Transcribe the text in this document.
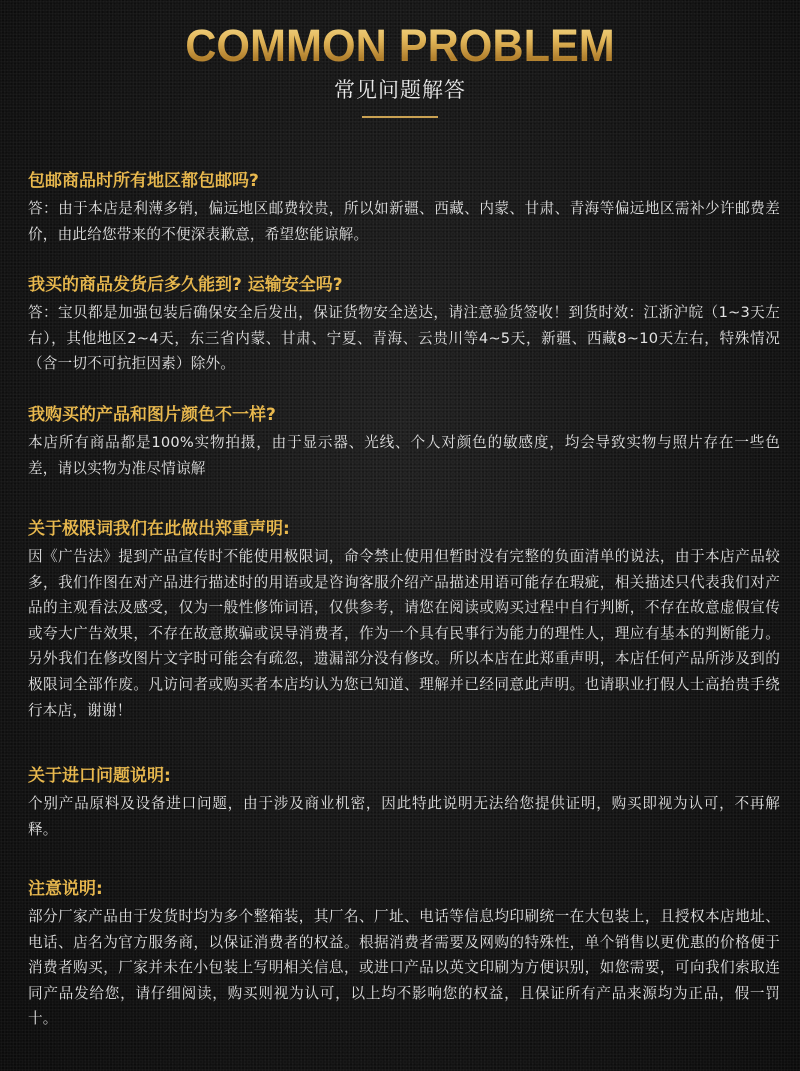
COMMON PROBLEM
常见问题解答
包邮商品时所有地区都包邮吗?
答：由于本店是利薄多销，偏远地区邮费较贵，所以如新疆、西藏、内蒙、甘肃、青海等偏远地区需补少许邮费差价，由此给您带来的不便深表歉意，希望您能谅解。
我买的商品发货后多久能到? 运输安全吗?
答：宝贝都是加强包装后确保安全后发出，保证货物安全送达，请注意验货签收！到货时效：江浙沪皖（1~3天左右），其他地区2~4天，东三省内蒙、甘肃、宁夏、青海、云贵川等4~5天，新疆、西藏8~10天左右，特殊情况（含一切不可抗拒因素）除外。
我购买的产品和图片颜色不一样?
本店所有商品都是100%实物拍摄，由于显示器、光线、个人对颜色的敏感度，均会导致实物与照片存在一些色差，请以实物为准尽情谅解
关于极限词我们在此做出郑重声明:
因《广告法》提到产品宣传时不能使用极限词，命令禁止使用但暂时没有完整的负面清单的说法，由于本店产品较多，我们作图在对产品进行描述时的用语或是咨询客服介绍产品描述用语可能存在瑕疵，相关描述只代表我们对产品的主观看法及感受，仅为一般性修饰词语，仅供参考，请您在阅读或购买过程中自行判断，不存在故意虚假宣传或夸大广告效果，不存在故意欺骗或误导消费者，作为一个具有民事行为能力的理性人，理应有基本的判断能力。另外我们在修改图片文字时可能会有疏忽，遗漏部分没有修改。所以本店在此郑重声明，本店任何产品所涉及到的极限词全部作废。凡访问者或购买者本店均认为您已知道、理解并已经同意此声明。也请职业打假人士高抬贵手绕行本店，谢谢！
关于进口问题说明:
个别产品原料及设备进口问题，由于涉及商业机密，因此特此说明无法给您提供证明，购买即视为认可，不再解释。
注意说明:
部分厂家产品由于发货时均为多个整箱装，其厂名、厂址、电话等信息均印刷统一在大包装上，且授权本店地址、电话、店名为官方服务商，以保证消费者的权益。根据消费者需要及网购的特殊性，单个销售以更优惠的价格便于消费者购买，厂家并未在小包装上写明相关信息，或进口产品以英文印刷为方便识别，如您需要，可向我们索取连同产品发给您，请仔细阅读，购买则视为认可，以上均不影响您的权益，且保证所有产品来源均为正品，假一罚十。
